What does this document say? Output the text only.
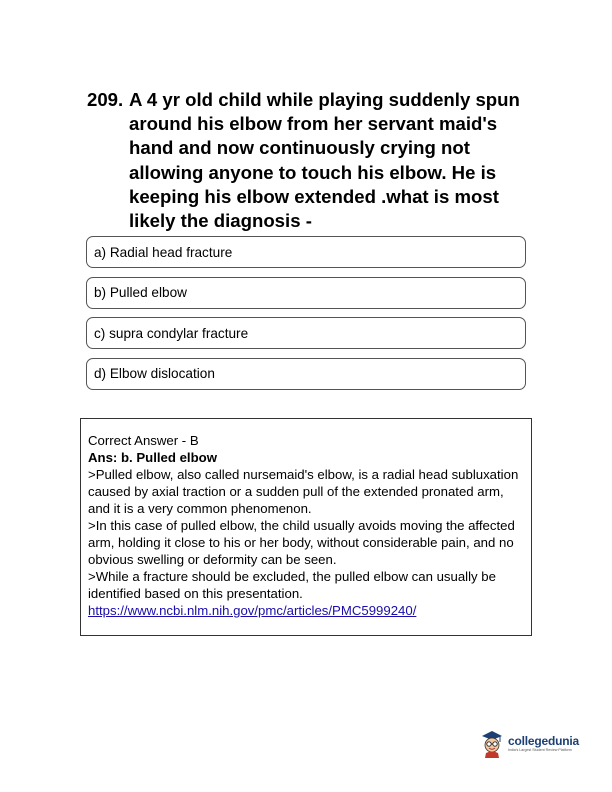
209. A 4 yr old child while playing suddenly spun around his elbow from her servant maid's hand and now continuously crying not allowing anyone to touch his elbow. He is keeping his elbow extended .what is most likely the diagnosis -
a) Radial head fracture
b) Pulled elbow
c) supra condylar fracture
d) Elbow dislocation

Correct Answer - B

Ans: b. Pulled elbow

>Pulled elbow, also called nursemaid's elbow, is a radial head subluxation caused by axial traction or a sudden pull of the extended pronated arm, and it is a very common phenomenon.

>In this case of pulled elbow, the child usually avoids moving the affected arm, holding it close to his or her body, without considerable pain, and no obvious swelling or deformity can be seen.

>While a fracture should be excluded, the pulled elbow can usually be identified based on this presentation.

https://www.ncbi.nlm.nih.gov/pmc/articles/PMC5999240/

collegedunia
India's Largest Student Review Platform
